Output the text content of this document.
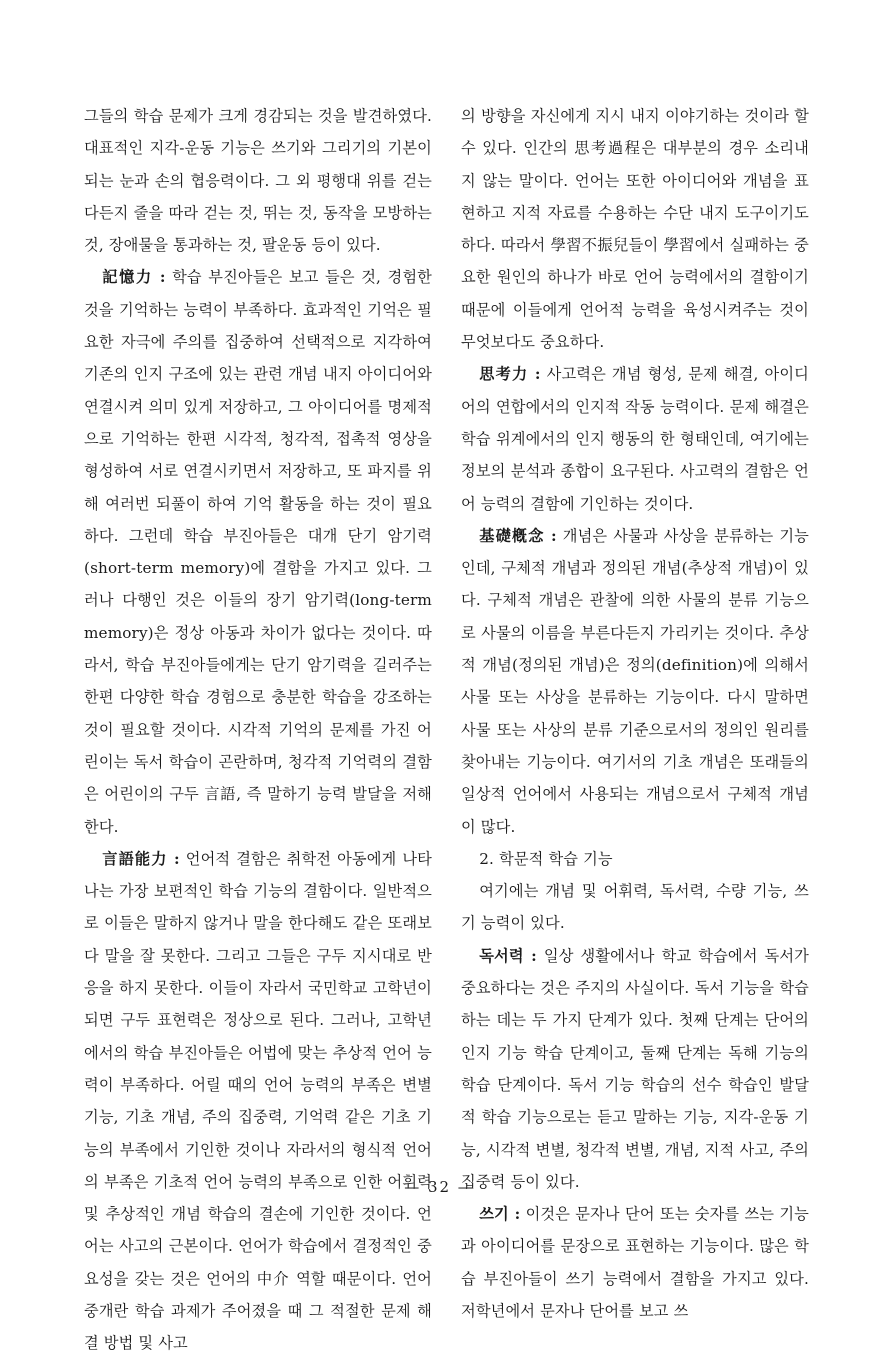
그들의 학습 문제가 크게 경감되는 것을 발견하였다. 대표적인 지각-운동 기능은 쓰기와 그리기의 기본이 되는 눈과 손의 협응력이다. 그 외 평행대 위를 걷는다든지 줄을 따라 걷는 것, 뛰는 것, 동작을 모방하는 것, 장애물을 통과하는 것, 팔운동 등이 있다.

記憶力 : 학습 부진아들은 보고 들은 것, 경험한 것을 기억하는 능력이 부족하다. 효과적인 기억은 필요한 자극에 주의를 집중하여 선택적으로 지각하여 기존의 인지 구조에 있는 관련 개념 내지 아이디어와 연결시켜 의미 있게 저장하고, 그 아이디어를 명제적으로 기억하는 한편 시각적, 청각적, 접촉적 영상을 형성하여 서로 연결시키면서 저장하고, 또 파지를 위해 여러번 되풀이 하여 기억 활동을 하는 것이 필요하다. 그런데 학습 부진아들은 대개 단기 암기력(short-term memory)에 결함을 가지고 있다. 그러나 다행인 것은 이들의 장기 암기력(long-term memory)은 정상 아동과 차이가 없다는 것이다. 따라서, 학습 부진아들에게는 단기 암기력을 길러주는 한편 다양한 학습 경험으로 충분한 학습을 강조하는 것이 필요할 것이다. 시각적 기억의 문제를 가진 어린이는 독서 학습이 곤란하며, 청각적 기억력의 결함은 어린이의 구두 言語, 즉 말하기 능력 발달을 저해한다.

言語能力 : 언어적 결함은 취학전 아동에게 나타나는 가장 보편적인 학습 기능의 결함이다. 일반적으로 이들은 말하지 않거나 말을 한다해도 같은 또래보다 말을 잘 못한다. 그리고 그들은 구두 지시대로 반응을 하지 못한다. 이들이 자라서 국민학교 고학년이 되면 구두 표현력은 정상으로 된다. 그러나, 고학년에서의 학습 부진아들은 어법에 맞는 추상적 언어 능력이 부족하다. 어릴 때의 언어 능력의 부족은 변별 기능, 기초 개념, 주의 집중력, 기억력 같은 기초 기능의 부족에서 기인한 것이나 자라서의 형식적 언어의 부족은 기초적 언어 능력의 부족으로 인한 어휘력 및 추상적인 개념 학습의 결손에 기인한 것이다. 언어는 사고의 근본이다. 언어가 학습에서 결정적인 중요성을 갖는 것은 언어의 中介 역할 때문이다. 언어 중개란 학습 과제가 주어졌을 때 그 적절한 문제 해결 방법 및 사고

의 방향을 자신에게 지시 내지 이야기하는 것이라 할 수 있다. 인간의 思考過程은 대부분의 경우 소리내지 않는 말이다. 언어는 또한 아이디어와 개념을 표현하고 지적 자료를 수용하는 수단 내지 도구이기도 하다. 따라서 學習不振兒들이 學習에서 실패하는 중요한 원인의 하나가 바로 언어 능력에서의 결함이기 때문에 이들에게 언어적 능력을 육성시켜주는 것이 무엇보다도 중요하다.

思考力 : 사고력은 개념 형성, 문제 해결, 아이디어의 연합에서의 인지적 작동 능력이다. 문제 해결은 학습 위계에서의 인지 행동의 한 형태인데, 여기에는 정보의 분석과 종합이 요구된다. 사고력의 결함은 언어 능력의 결함에 기인하는 것이다.

基礎槪念 : 개념은 사물과 사상을 분류하는 기능인데, 구체적 개념과 정의된 개념(추상적 개념)이 있다. 구체적 개념은 관찰에 의한 사물의 분류 기능으로 사물의 이름을 부른다든지 가리키는 것이다. 추상적 개념(정의된 개념)은 정의(definition)에 의해서 사물 또는 사상을 분류하는 기능이다. 다시 말하면 사물 또는 사상의 분류 기준으로서의 정의인 원리를 찾아내는 기능이다. 여기서의 기초 개념은 또래들의 일상적 언어에서 사용되는 개념으로서 구체적 개념이 많다.

2. 학문적 학습 기능

여기에는 개념 및 어휘력, 독서력, 수량 기능, 쓰기 능력이 있다.

독서력 : 일상 생활에서나 학교 학습에서 독서가 중요하다는 것은 주지의 사실이다. 독서 기능을 학습하는 데는 두 가지 단계가 있다. 첫째 단계는 단어의 인지 기능 학습 단계이고, 둘째 단계는 독해 기능의 학습 단계이다. 독서 기능 학습의 선수 학습인 발달적 학습 기능으로는 듣고 말하는 기능, 지각-운동 기능, 시각적 변별, 청각적 변별, 개념, 지적 사고, 주의 집중력 등이 있다.

쓰기 : 이것은 문자나 단어 또는 숫자를 쓰는 기능과 아이디어를 문장으로 표현하는 기능이다. 많은 학습 부진아들이 쓰기 능력에서 결함을 가지고 있다. 저학년에서 문자나 단어를 보고 쓰

— 32 —
